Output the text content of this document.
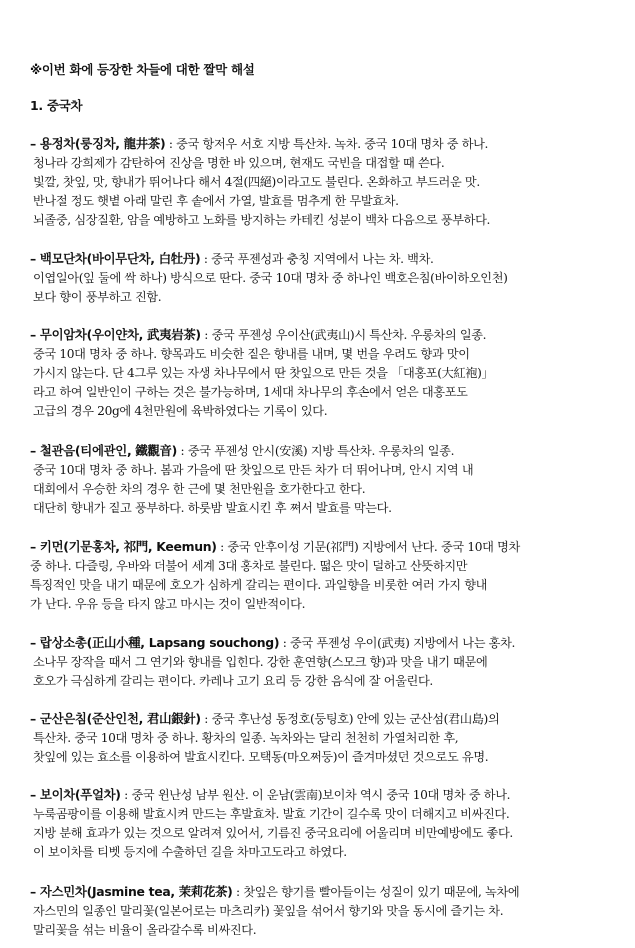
※이번 화에 등장한 차들에 대한 짤막 해설
1. 중국차
– 용정차(룽징차, 龍井茶) : 중국 항저우 서호 지방 특산차. 녹차. 중국 10대 명차 중 하나.
청나라 강희제가 감탄하여 진상을 명한 바 있으며, 현재도 국빈을 대접할 때 쓴다.
빛깔, 찻잎, 맛, 향내가 뛰어나다 해서 4절(四絕)이라고도 불린다. 온화하고 부드러운 맛.
반나절 정도 햇볕 아래 말린 후 솥에서 가열, 발효를 멈추게 한 무발효차.
뇌졸중, 심장질환, 암을 예방하고 노화를 방지하는 카테킨 성분이 백차 다음으로 풍부하다.
– 백모단차(바이무단차, 白牡丹) : 중국 푸젠성과 충칭 지역에서 나는 차. 백차.
이엽일아(잎 둘에 싹 하나) 방식으로 딴다. 중국 10대 명차 중 하나인 백호은침(바이하오인천)
보다 향이 풍부하고 진함.
– 무이암차(우이얀차, 武夷岩茶) : 중국 푸젠성 우이산(武夷山)시 특산차. 우롱차의 일종.
중국 10대 명차 중 하나. 향목과도 비슷한 짙은 향내를 내며, 몇 번을 우려도 향과 맛이
가시지 않는다. 단 4그루 있는 자생 차나무에서 딴 찻잎으로 만든 것을 「대홍포(大紅袍)」
라고 하여 일반인이 구하는 것은 불가능하며, 1세대 차나무의 후손에서 얻은 대홍포도
고급의 경우 20g에 4천만원에 육박하였다는 기록이 있다.
– 철관음(티에관인, 鐵觀音) : 중국 푸젠성 안시(安溪) 지방 특산차. 우롱차의 일종.
중국 10대 명차 중 하나. 봄과 가을에 딴 찻잎으로 만든 차가 더 뛰어나며, 안시 지역 내
대회에서 우승한 차의 경우 한 근에 몇 천만원을 호가한다고 한다.
대단히 향내가 짙고 풍부하다. 하룻밤 발효시킨 후 쪄서 발효를 막는다.
– 키먼(기문홍차, 祁門, Keemun) : 중국 안후이성 기문(祁門) 지방에서 난다. 중국 10대 명차
중 하나. 다즐링, 우바와 더불어 세계 3대 홍차로 불린다. 떫은 맛이 덜하고 산뜻하지만
특징적인 맛을 내기 때문에 호오가 심하게 갈리는 편이다. 과일향을 비롯한 여러 가지 향내
가 난다. 우유 등을 타지 않고 마시는 것이 일반적이다.
– 랍상소총(正山小種, Lapsang souchong) : 중국 푸젠성 우이(武夷) 지방에서 나는 홍차.
소나무 장작을 때서 그 연기와 향내를 입힌다. 강한 훈연향(스모크 향)과 맛을 내기 때문에
호오가 극심하게 갈리는 편이다. 카레나 고기 요리 등 강한 음식에 잘 어울린다.
– 군산은침(준산인천, 君山銀針) : 중국 후난성 동정호(둥팅호) 안에 있는 군산섬(君山島)의
특산차. 중국 10대 명차 중 하나. 황차의 일종. 녹차와는 달리 천천히 가열처리한 후,
찻잎에 있는 효소를 이용하여 발효시킨다. 모택동(마오쩌둥)이 즐겨마셨던 것으로도 유명.
– 보이차(푸얼차) : 중국 윈난성 남부 원산. 이 운남(雲南)보이차 역시 중국 10대 명차 중 하나.
누룩곰팡이를 이용해 발효시켜 만드는 후발효차. 발효 기간이 길수록 맛이 더해지고 비싸진다.
지방 분해 효과가 있는 것으로 알려져 있어서, 기름진 중국요리에 어울리며 비만예방에도 좋다.
이 보이차를 티벳 등지에 수출하던 길을 차마고도라고 하였다.
– 자스민차(Jasmine tea, 茉莉花茶) : 찻잎은 향기를 빨아들이는 성질이 있기 때문에, 녹차에
자스민의 일종인 말리꽃(일본어로는 마츠리카) 꽃잎을 섞어서 향기와 맛을 동시에 즐기는 차.
말리꽃을 섞는 비율이 올라갈수록 비싸진다.
